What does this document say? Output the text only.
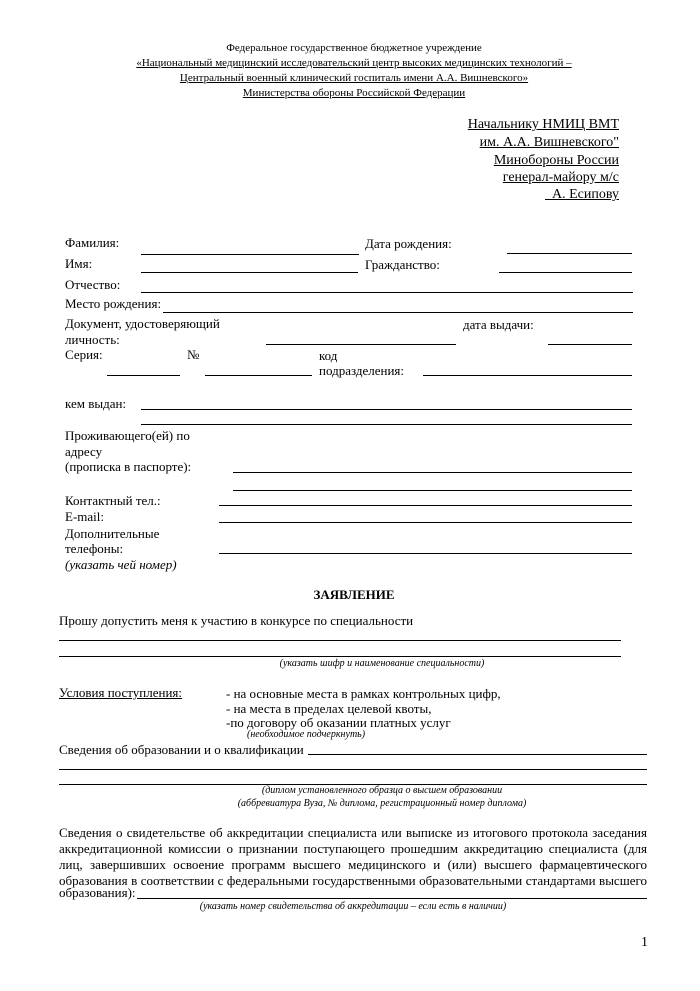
Федеральное государственное бюджетное учреждение
«Национальный медицинский исследовательский центр высоких медицинских технологий –
Центральный военный клинический госпиталь имени А.А. Вишневского»
Министерства обороны Российской Федерации
Начальнику НМИЦ ВМТ
им. А.А. Вишневского"
Минобороны России
генерал-майору м/с
А. Есипову
Фамилия:	Дата рождения:
Имя:	Гражданство:
Отчество:
Место рождения:
Документ, удостоверяющий
личность:
дата выдачи:
Серия:	№	код
подразделения:
кем выдан:
Проживающего(ей) по
адресу
(прописка в паспорте):
Контактный тел.:
E-mail:
Дополнительные
телефоны:
(указать чей номер)
ЗАЯВЛЕНИЕ
Прошу допустить меня к участию в конкурсе по специальности
(указать шифр и наименование специальности)
Условия поступления:	- на основные места в рамках контрольных цифр,
- на места в пределах целевой квоты,
-по договору об оказании платных услуг
(необходимое подчеркнуть)
Сведения об образовании и о квалификации
(диплом установленного образца о высшем образовании
(аббревиатура Вуза, № диплома, регистрационный номер диплома)
Сведения о свидетельстве об аккредитации специалиста или выписке из итогового протокола заседания аккредитационной комиссии о признании поступающего прошедшим аккредитацию специалиста (для лиц, завершивших освоение программ высшего медицинского и (или) высшего фармацевтического образования в соответствии с федеральными государственными образовательными стандартами высшего
образования):
(указать номер свидетельства об аккредитации – если есть в наличии)
1
